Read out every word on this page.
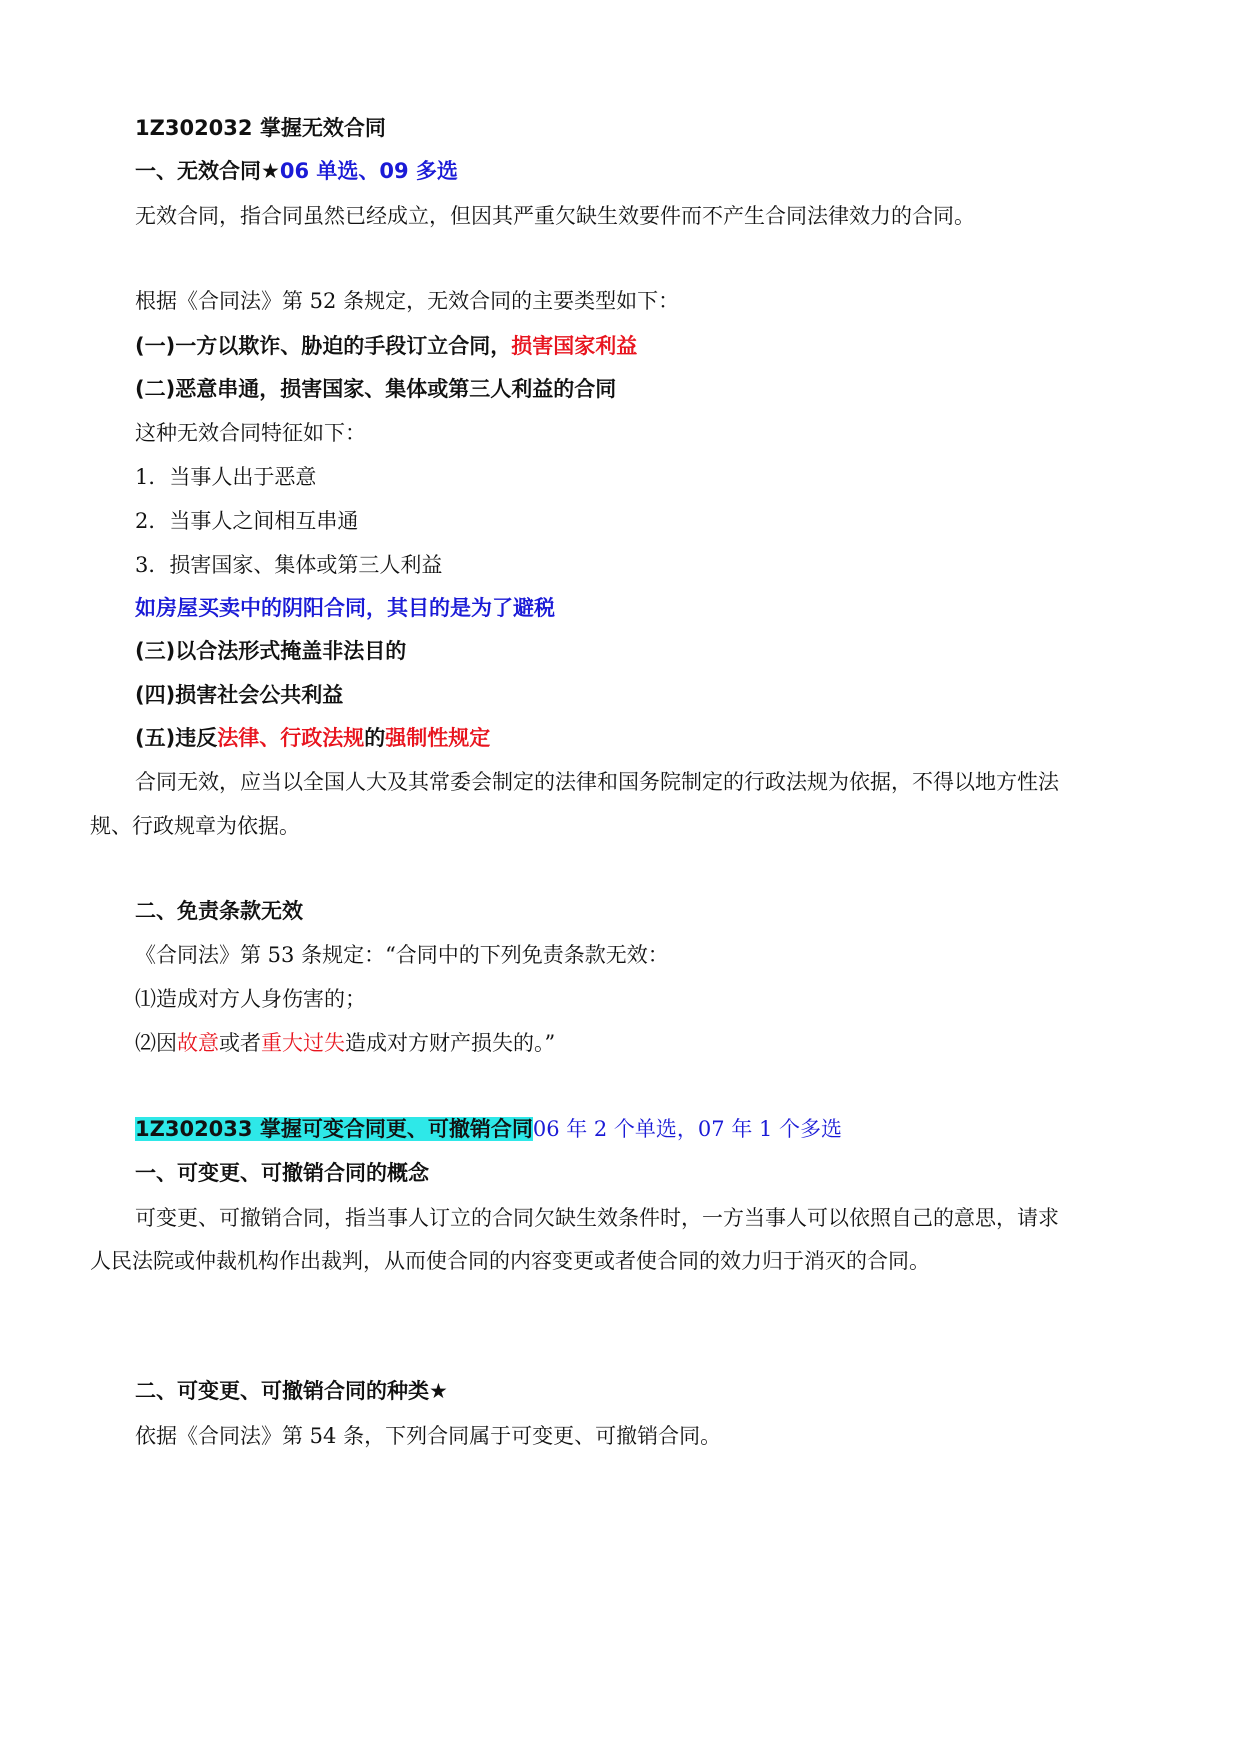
1Z302032 掌握无效合同
一、无效合同★06 单选、09 多选
无效合同，指合同虽然已经成立，但因其严重欠缺生效要件而不产生合同法律效力的合同。
根据《合同法》第 52 条规定，无效合同的主要类型如下：
(一)一方以欺诈、胁迫的手段订立合同，损害国家利益
(二)恶意串通，损害国家、集体或第三人利益的合同
这种无效合同特征如下：
1．当事人出于恶意
2．当事人之间相互串通
3．损害国家、集体或第三人利益
如房屋买卖中的阴阳合同，其目的是为了避税
(三)以合法形式掩盖非法目的
(四)损害社会公共利益
(五)违反法律、行政法规的强制性规定
合同无效，应当以全国人大及其常委会制定的法律和国务院制定的行政法规为依据，不得以地方性法
规、行政规章为依据。
二、免责条款无效
《合同法》第 53 条规定：“合同中的下列免责条款无效：
⑴造成对方人身伤害的；
⑵因故意或者重大过失造成对方财产损失的。”
1Z302033 掌握可变合同更、可撤销合同06 年 2 个单选，07 年 1 个多选
一、可变更、可撤销合同的概念
可变更、可撤销合同，指当事人订立的合同欠缺生效条件时，一方当事人可以依照自己的意思，请求
人民法院或仲裁机构作出裁判，从而使合同的内容变更或者使合同的效力归于消灭的合同。
二、可变更、可撤销合同的种类★
依据《合同法》第 54 条，下列合同属于可变更、可撤销合同。
